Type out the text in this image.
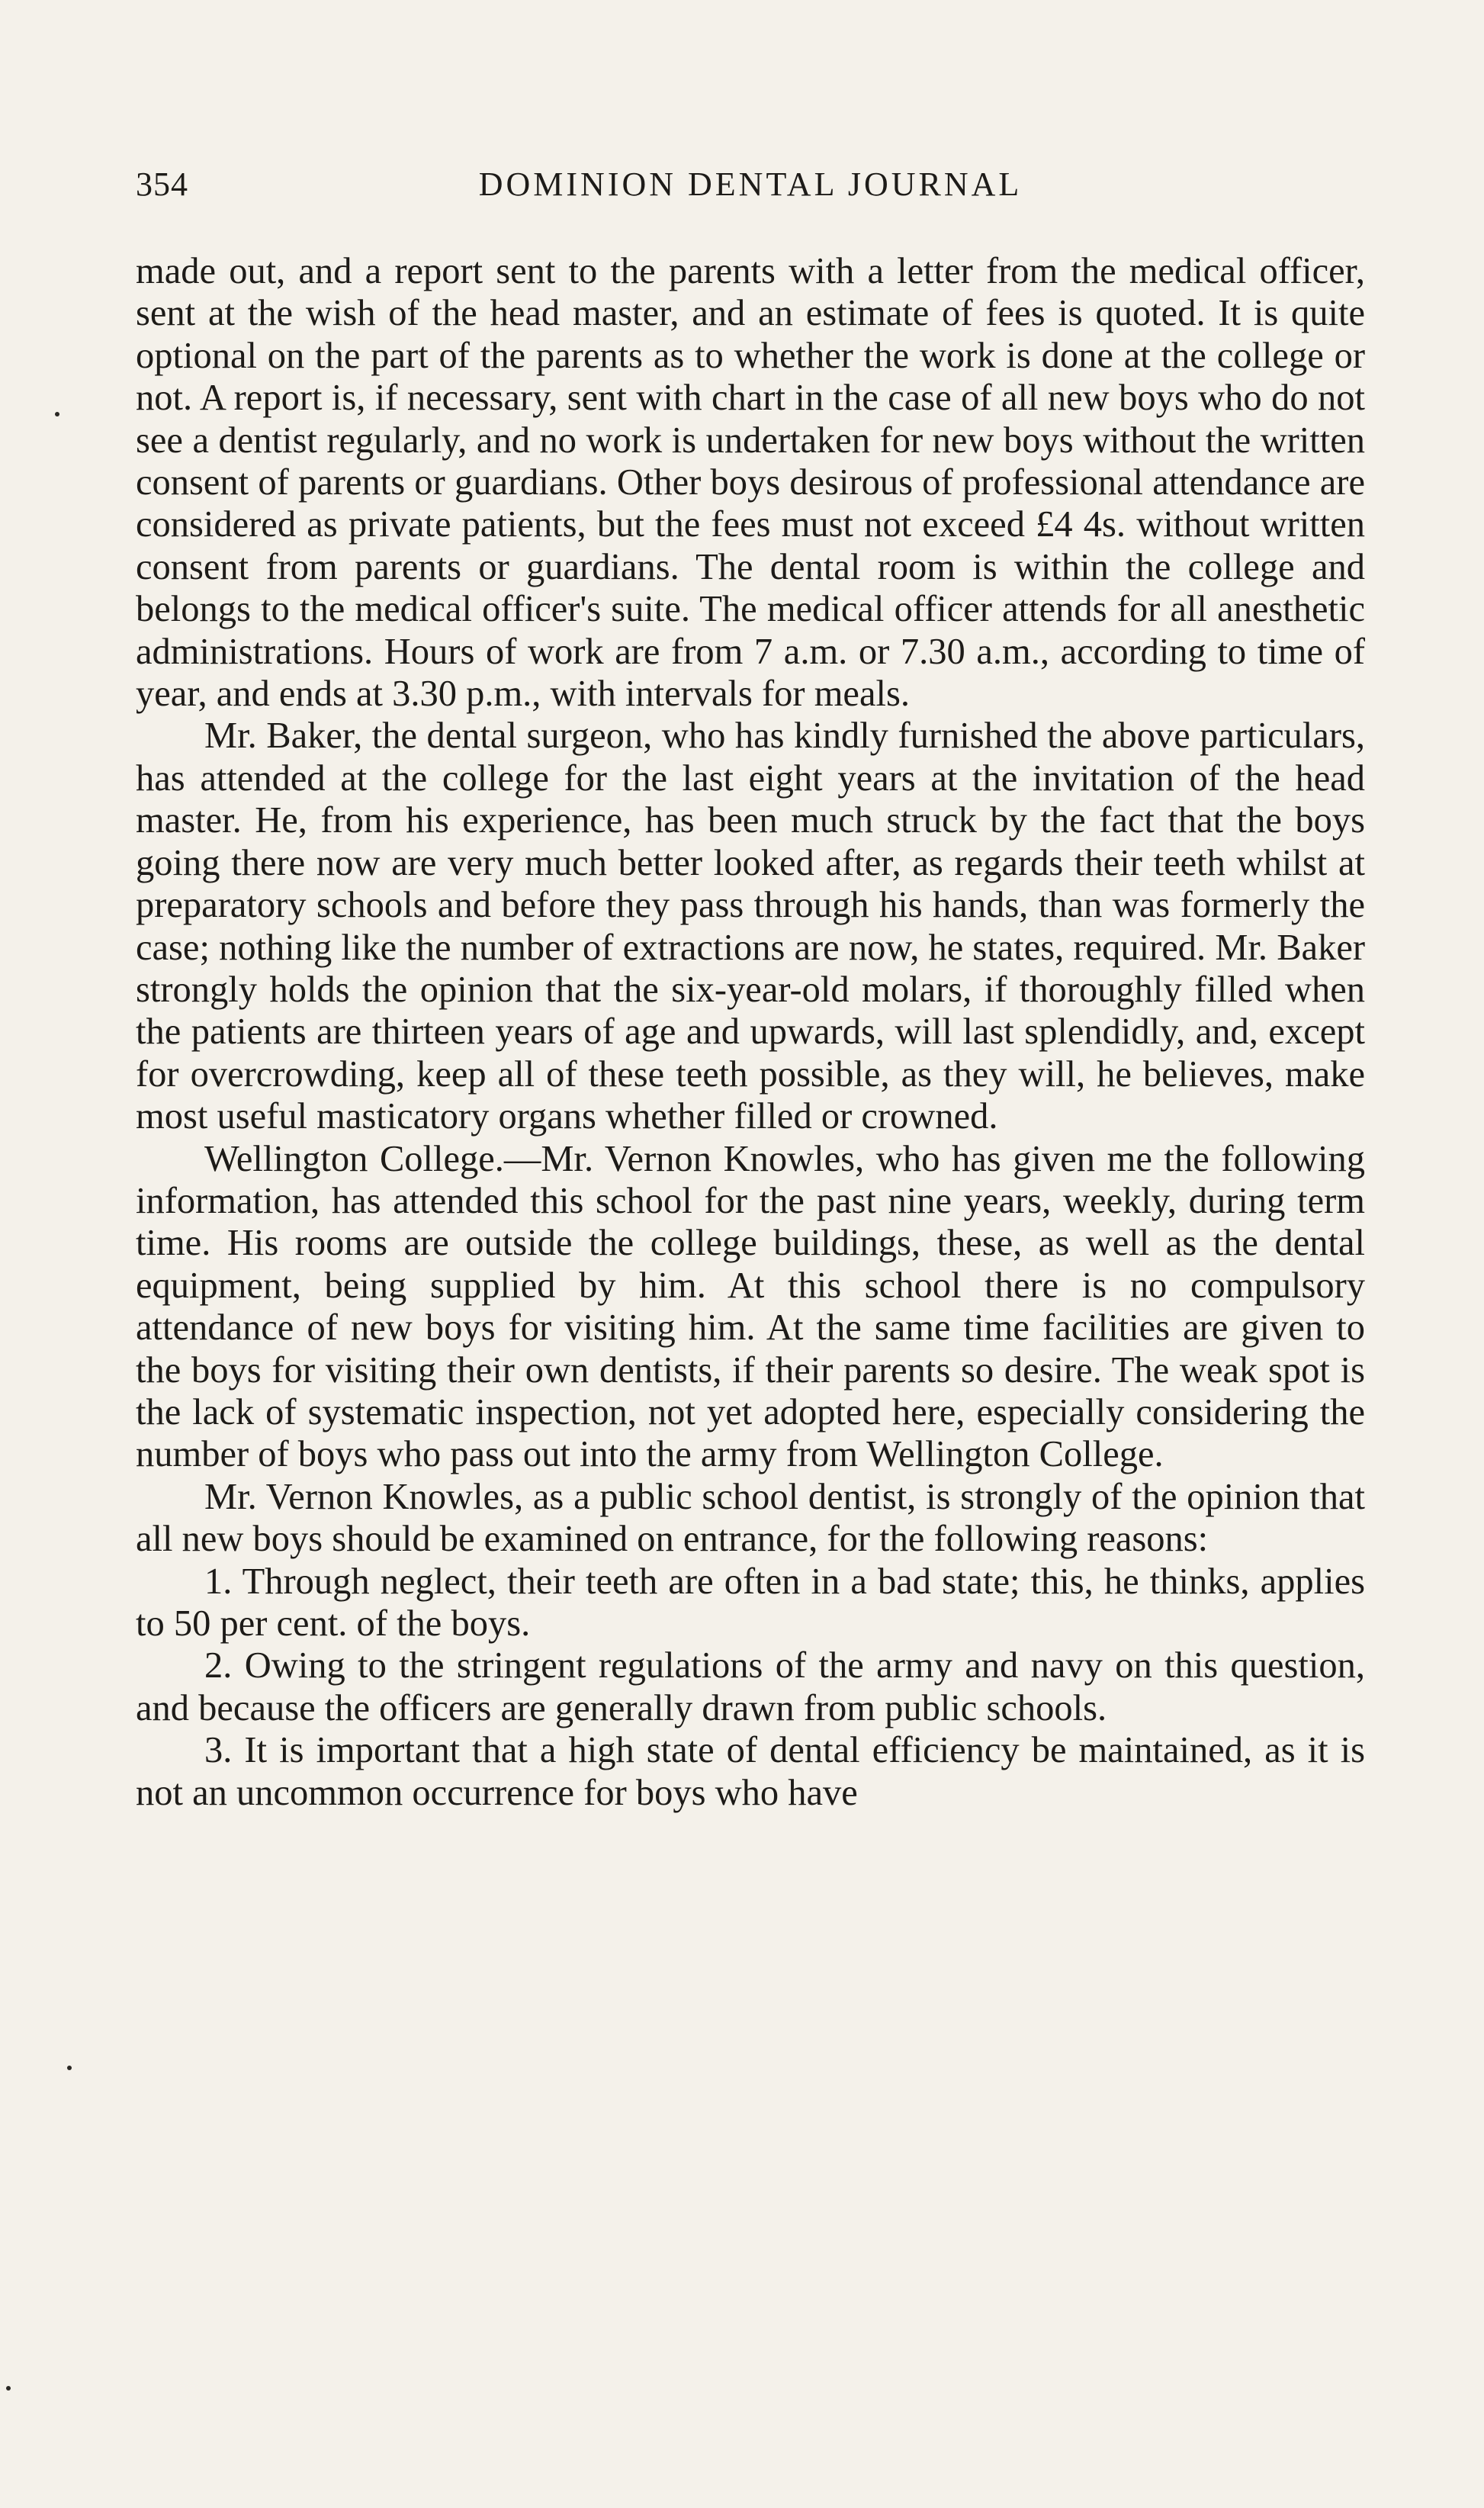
354	DOMINION DENTAL JOURNAL

made out, and a report sent to the parents with a letter from the medical officer, sent at the wish of the head master, and an estimate of fees is quoted. It is quite optional on the part of the parents as to whether the work is done at the college or not. A report is, if necessary, sent with chart in the case of all new boys who do not see a dentist regularly, and no work is undertaken for new boys without the written consent of parents or guardians. Other boys desirous of professional attendance are considered as private patients, but the fees must not exceed £4 4s. without written consent from parents or guardians. The dental room is within the college and belongs to the medical officer's suite. The medical officer attends for all anesthetic administrations. Hours of work are from 7 a.m. or 7.30 a.m., according to time of year, and ends at 3.30 p.m., with intervals for meals.

Mr. Baker, the dental surgeon, who has kindly furnished the above particulars, has attended at the college for the last eight years at the invitation of the head master. He, from his experience, has been much struck by the fact that the boys going there now are very much better looked after, as regards their teeth whilst at preparatory schools and before they pass through his hands, than was formerly the case; nothing like the number of extractions are now, he states, required. Mr. Baker strongly holds the opinion that the six-year-old molars, if thoroughly filled when the patients are thirteen years of age and upwards, will last splendidly, and, except for overcrowding, keep all of these teeth possible, as they will, he believes, make most useful masticatory organs whether filled or crowned.

Wellington College.—Mr. Vernon Knowles, who has given me the following information, has attended this school for the past nine years, weekly, during term time. His rooms are outside the college buildings, these, as well as the dental equipment, being supplied by him. At this school there is no compulsory attendance of new boys for visiting him. At the same time facilities are given to the boys for visiting their own dentists, if their parents so desire. The weak spot is the lack of systematic inspection, not yet adopted here, especially considering the number of boys who pass out into the army from Wellington College.

Mr. Vernon Knowles, as a public school dentist, is strongly of the opinion that all new boys should be examined on entrance, for the following reasons:

1. Through neglect, their teeth are often in a bad state; this, he thinks, applies to 50 per cent. of the boys.

2. Owing to the stringent regulations of the army and navy on this question, and because the officers are generally drawn from public schools.

3. It is important that a high state of dental efficiency be maintained, as it is not an uncommon occurrence for boys who have
